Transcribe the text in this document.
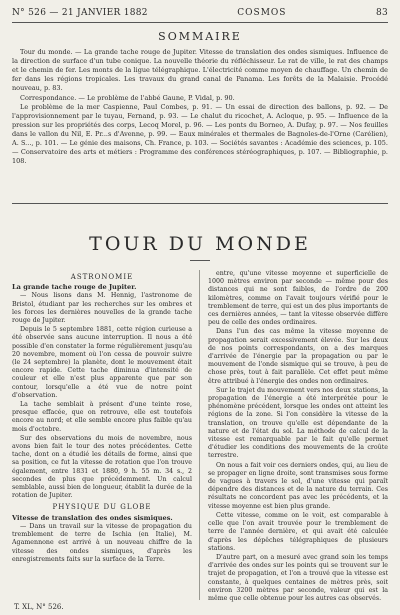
N° 526 — 21 JANVIER 1882	COSMOS	83
SOMMAIRE

Tour du monde. — La grande tache rouge de Jupiter. Vitesse de translation des ondes sismiques. Influence de la direction de surface d'un tube conique. La nouvelle théorie du réfléchisseur. Le rat de ville, le rat des champs et le chemin de fer. Les monts de la ligue télégraphique. L'électricité comme moyen de chauffage. Un chemin de fer dans les régions tropicales. Les travaux du grand canal de Panama. Les forêts de la Malaisie. Procédé nouveau, p. 83.

Correspondance. — Le problème de l'abbé Gaune, P. Vidal, p. 90.

Le problème de la mer Caspienne, Paul Combes, p. 91. — Un essai de direction des ballons, p. 92. — De l'approvisionnement par le tuyau, Fernand, p. 93. — Le chalut du ricochet, A. Acloque, p. 95. — Influence de la pression sur les propriétés des corps, Lecoq Morel, p. 96. — Les ponts du Borneo, A. Dufay, p. 97. — Nos feuilles dans le vallon du Nil, E. Pr...s d'Avenne, p. 99. — Eaux minérales et thermales de Bagnoles-de-l'Orne (Carélien), A. S..., p. 101. — Le génie des maisons, Ch. France, p. 103. — Sociétés savantes : Académie des sciences, p. 105. — Conservatoire des arts et métiers : Programme des conférences stéréographiques, p. 107. — Bibliographie, p. 108.

TOUR DU MONDE
ASTRONOMIE
La grande tache rouge de Jupiter.

— Nous lisons dans M. Hennig, l'astronome de Bristol, étudiant par les recherches sur les ombres et les forces les dernières nouvelles de la grande tache rouge de Jupiter.

Depuis le 5 septembre 1881, cette région curieuse a été observée sans aucune interruption. Il nous a été possible d'en constater la forme régulièrement jusqu'au 20 novembre, moment où l'on cessa de pouvoir suivre (le 24 septembre) la planète, dont le mouvement était encore rapide. Cette tache diminua d'intensité de couleur et elle n'est plus apparente que par son contour, lorsqu'elle a été vue de notre point d'observation.

La tache semblait à présent d'une teinte rose, presque effacée, que on retrouve, elle est toutefois encore au nord; et elle semble encore plus faible qu'au mois d'octobre.

Sur des observations du mois de novembre, nous avons bien fait le tour des notes précédentes. Cette tache, dont on a étudié les détails de forme, ainsi que sa position, ce fut la vitesse de rotation que l'on trouve également, entre 1831 et 1880, 9 h. 55 m. 34 s., 2 secondes de plus que précédemment. Un calcul semblable, aussi bien de longueur, établit la durée de la rotation de Jupiter.

PHYSIQUE DU GLOBE
Vitesse de translation des ondes sismiques.

— Dans un travail sur la vitesse de propagation du tremblement de terre de Ischia (en Italie), M. Agamennone est arrivé à un nouveau chiffre de la vitesse des ondes sismiques, d'après les enregistrements faits sur la surface de la Terre.

entre, qu'une vitesse moyenne et superficielle de 1000 mètres environ par seconde — même pour des distances qui ne sont faibles, de l'ordre de 200 kilomètres, comme on l'avait toujours vérifié pour le tremblement de terre, qui est un des plus importants de ces dernières années, — tant la vitesse observée diffère peu de celle des ondes ordinaires.

Dans l'un des cas même la vitesse moyenne de propagation serait excessivement élevée. Sur les deux de nos points correspondants, on a des marques d'arrivée de l'énergie par la propagation ou par le mouvement de l'onde sismique qui se trouve, à peu de chose près, tout à fait parallèle. Cet effet peut même être attribué à l'énergie des ondes non ordinaires.

Sur le trajet du mouvement vers nos deux stations, la propagation de l'énergie a été interprétée pour le phénomène précédent, lorsque les ondes ont atteint les régions de la zone. Si l'on considère la vitesse de la translation, on trouve qu'elle est dépendante de la nature et de l'état du sol. La méthode de calcul de la vitesse est remarquable par le fait qu'elle permet d'étudier les conditions des mouvements de la croûte terrestre.

On nous a fait voir ces derniers ondes, qui, au lieu de se propager en ligne droite, sont transmises sous forme de vagues à travers le sol, d'une vitesse qui paraît dépendre des distances et de la nature du terrain. Ces résultats ne concordent pas avec les précédents, et la vitesse moyenne est bien plus grande.

Cette vitesse, comme on le voit, est comparable à celle que l'on avait trouvée pour le tremblement de terre de l'année dernière, et qui avait été calculée d'après les dépêches télégraphiques de plusieurs stations.

D'autre part, on a mesuré avec grand soin les temps d'arrivée des ondes sur les points qui se trouvent sur le trajet de propagation, et l'on a trouvé que la vitesse est constante, à quelques centaines de mètres près, soit environ 3200 mètres par seconde, valeur qui est la même que celle obtenue pour les autres cas observés.

T. XL, N° 526.
